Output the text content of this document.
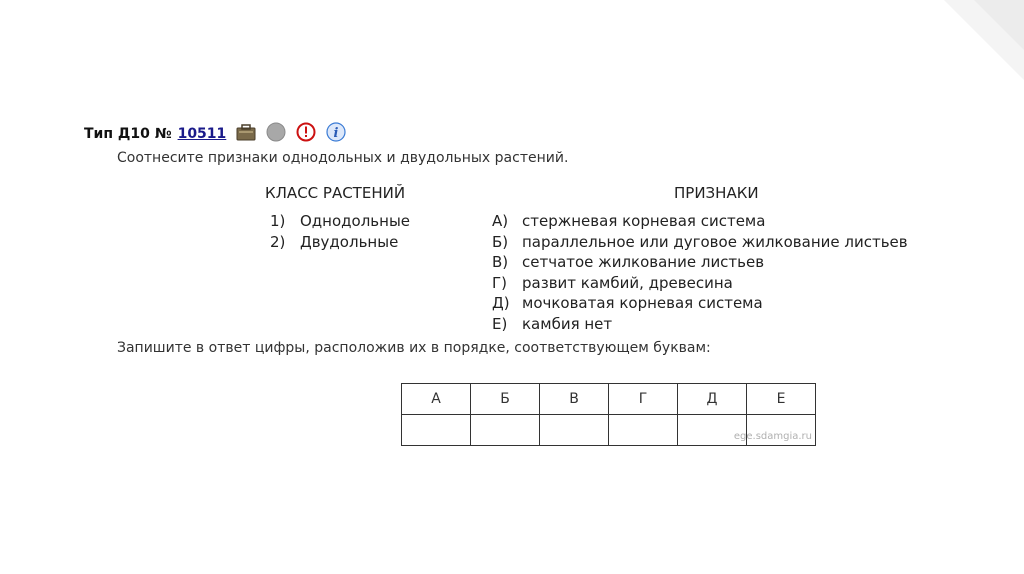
Тип Д10 № 10511	i
Соотнесите признаки однодольных и двудольных растений.
КЛАСС РАСТЕНИЙ	ПРИЗНАКИ
1) Однодольные
2) Двудольные
А) стержневая корневая система
Б) параллельное или дуговое жилкование листьев
В) сетчатое жилкование листьев
Г) развит камбий, древесина
Д) мочковатая корневая система
Е) камбия нет
Запишите в ответ цифры, расположив их в порядке, соответствующем буквам:
А	Б	В	Г	Д	Е

					ege.sdamgia.ru
